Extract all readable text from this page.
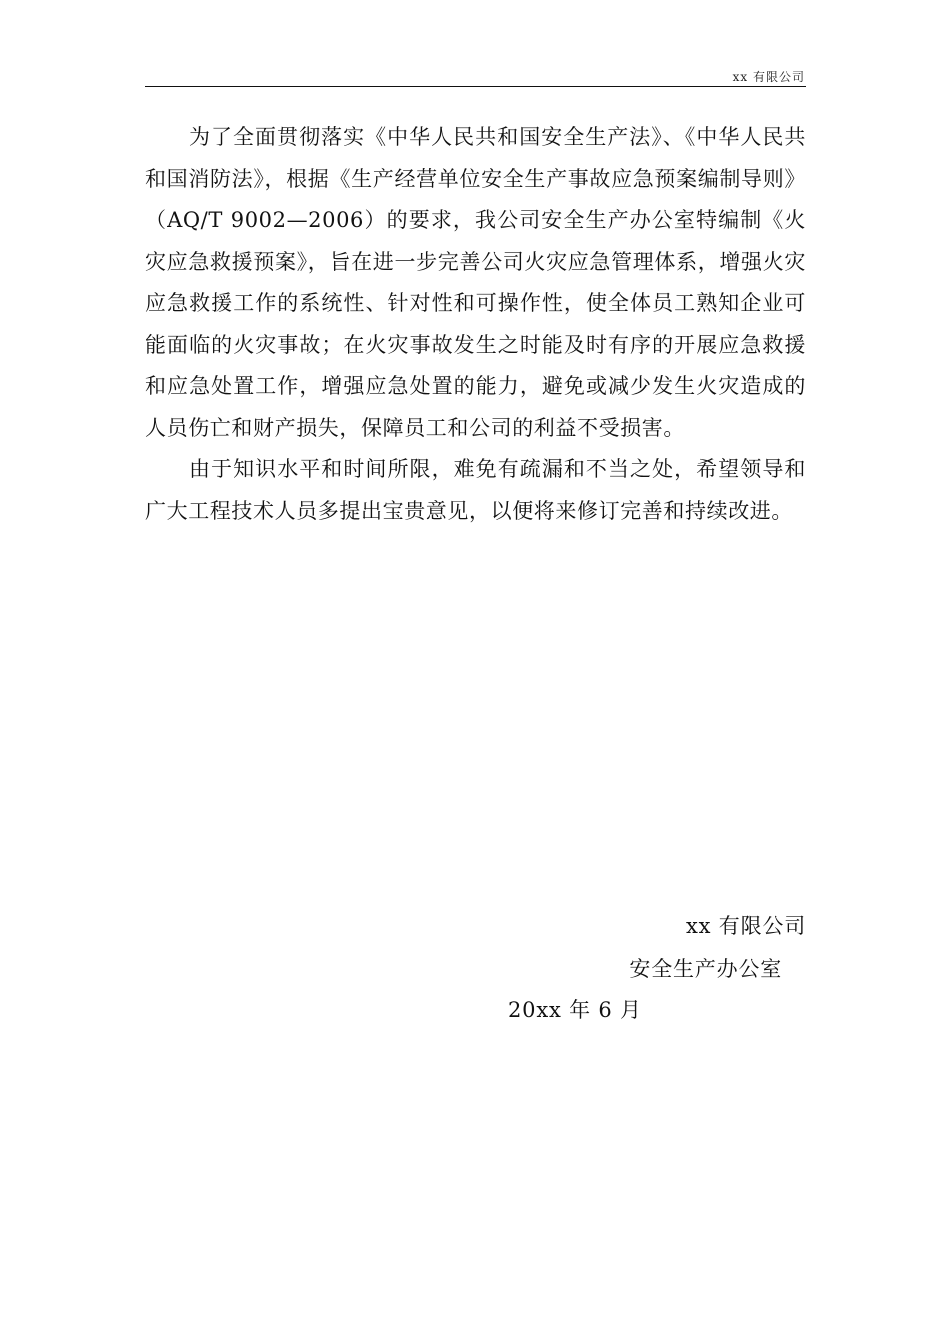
xx 有限公司

为了全面贯彻落实《中华人民共和国安全生产法》、《中华人民共和国消防法》，根据《生产经营单位安全生产事故应急预案编制导则》（AQ/T 9002—2006）的要求，我公司安全生产办公室特编制《火灾应急救援预案》，旨在进一步完善公司火灾应急管理体系，增强火灾应急救援工作的系统性、针对性和可操作性，使全体员工熟知企业可能面临的火灾事故；在火灾事故发生之时能及时有序的开展应急救援和应急处置工作，增强应急处置的能力，避免或减少发生火灾造成的人员伤亡和财产损失，保障员工和公司的利益不受损害。

由于知识水平和时间所限，难免有疏漏和不当之处，希望领导和广大工程技术人员多提出宝贵意见，以便将来修订完善和持续改进。

xx 有限公司
安全生产办公室
20xx 年 6 月
